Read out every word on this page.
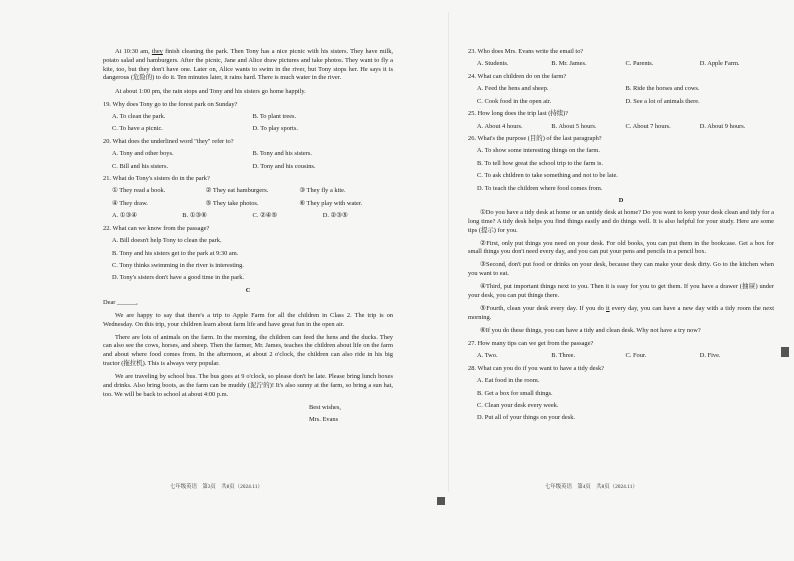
At 10:30 am, they finish cleaning the park. Then Tony has a nice picnic with his sisters. They have milk, potato salad and hamburgers. After the picnic, Jane and Alice draw pictures and take photos. They want to fly a kite, too, but they don't have one. Later on, Alice wants to swim in the river, but Tony stops her. He says it is dangerous (危险的) to do it. Ten minutes later, it rains hard. There is much water in the river.

At about 1:00 pm, the rain stops and Tony and his sisters go home happily.

19. Why does Tony go to the forest park on Sunday?
A. To clean the park.	B. To plant trees.
C. To have a picnic.	D. To play sports.
20. What does the underlined word "they" refer to?
A. Tony and other boys.	B. Tony and his sisters.
C. Bill and his sisters.	D. Tony and his cousins.
21. What do Tony's sisters do in the park?
① They read a book.	② They eat hamburgers.	③ They fly a kite.
④ They draw.	⑤ They take photos.	⑥ They play with water.
A. ①③④	B. ①③⑥	C. ②④⑤	D. ②③⑤
22. What can we know from the passage?
A. Bill doesn't help Tony to clean the park.
B. Tony and his sisters get to the park at 9:30 am.
C. Tony thinks swimming in the river is interesting.
D. Tony's sisters don't have a good time in the park.
C

Dear ______,

We are happy to say that there's a trip to Apple Farm for all the children in Class 2. The trip is on Wednesday. On this trip, your children learn about farm life and have great fun in the open air.

There are lots of animals on the farm. In the morning, the children can feed the hens and the ducks. They can also see the cows, horses, and sheep. Then the farmer, Mr. James, teaches the children about life on the farm and about where food comes from. In the afternoon, at about 2 o'clock, the children can also ride in his big tractor (拖拉机). This is always very popular.

We are traveling by school bus. The bus goes at 9 o'clock, so please don't be late. Please bring lunch boxes and drinks. Also bring boots, as the farm can be muddy (泥泞的)! It's also sunny at the farm, so bring a sun hat, too. We will be back to school at about 4:00 p.m.

Best wishes,
Mrs. Evans
七年级英语　第3页　共8页（2024.11）
23. Who does Mrs. Evans write the email to?
A. Students.	B. Mr. James.	C. Parents.	D. Apple Farm.
24. What can children do on the farm?
A. Feed the hens and sheep.	B. Ride the horses and cows.
C. Cook food in the open air.	D. See a lot of animals there.
25. How long does the trip last (持续)?
A. About 4 hours.	B. About 5 hours.	C. About 7 hours.	D. About 9 hours.
26. What's the purpose (目的) of the last paragraph?
A. To show some interesting things on the farm.
B. To tell how great the school trip to the farm is.
C. To ask children to take something and not to be late.
D. To teach the children where food comes from.
D

①Do you have a tidy desk at home or an untidy desk at home? Do you want to keep your desk clean and tidy for a long time? A tidy desk helps you find things easily and do things well. It is also helpful for your study. Here are some tips (提示) for you.

②First, only put things you need on your desk. For old books, you can put them in the bookcase. Get a box for small things you don't need every day, and you can put your pens and pencils in a pencil box.

③Second, don't put food or drinks on your desk, because they can make your desk dirty. Go to the kitchen when you want to eat.

④Third, put important things next to you. Then it is easy for you to get them. If you have a drawer (抽屉) under your desk, you can put things there.

⑤Fourth, clean your desk every day. If you do it every day, you can have a new day with a tidy room the next morning.

⑥If you do these things, you can have a tidy and clean desk. Why not have a try now?

27. How many tips can we get from the passage?
A. Two.	B. Three.	C. Four.	D. Five.
28. What can you do if you want to have a tidy desk?
A. Eat food in the room.
B. Get a box for small things.
C. Clean your desk every week.
D. Put all of your things on your desk.
七年级英语　第4页　共8页（2024.11）
